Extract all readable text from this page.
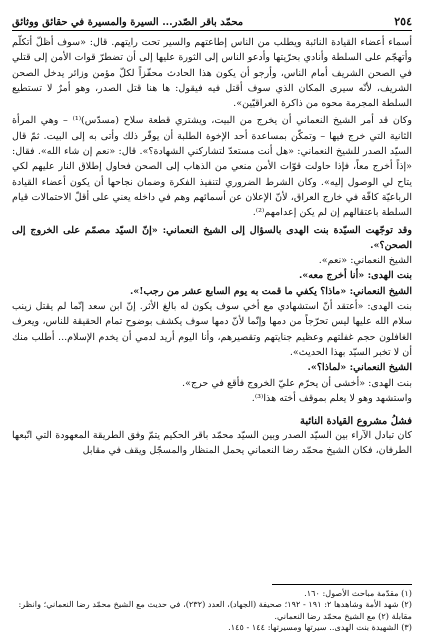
٢٥٤
محمّد باقر الصّدر... السيرة والمسيرة في حقائق ووثائق

أسماء أعضاء القيادة النائبة ويطلب من الناس إطاعتهم والسير تحت رايتهم. قال: «سوف أظلّ أتكلّم وأتهجّم على السلطة وأنادي بحرّيتها وأدعو الناس إلى الثورة عليها إلى أن تضطرّ قوات الأمن إلى قتلي في الصحن الشريف أمام الناس، وأرجو أن يكون هذا الحادث محفّزاً لكلّ مؤمن وزائر يدخل الصحن الشريف، لأنّه سيرى المكان الذي سوف أقتل فيه فيقول: ها هنا قتل الصدر، وهو أمرٌ لا تستطيع السلطة المجرمة محوه من ذاكرة العراقيّين».

وكان قد أمر الشيخ النعماني أن يخرج من البيت، ويشتري قطعة سلاح (مسدّس)⁽¹⁾ – وهي المرأة الثانية التي خرج فيها – وتمكّن بمساعدة أحد الإخوة الطلبة أن يوفّر ذلك وأتى به إلى البيت. ثمّ قال السيّد الصدر للشيخ النعماني: «هل أنت مستعدّ لتشاركني الشهادة؟». قال: «نعم إن شاء الله». فقال: «إذاً أخرج معاً، فإذا حاولت قوّات الأمن منعي من الذهاب إلى الصحن فحاول إطلاق النار عليهم لكي يتاح لي الوصول إليه». وكان الشرط الضروري لتنفيذ الفكرة وضمان نجاحها أن يكون أعضاء القيادة الرباعيّة كافّة في خارج العراق، لأنّ الإعلان عن أسمائهم وهم في داخله يعني على أقلّ الاحتمالات قيام السلطة باعتقالهم إن لم يكن إعدامهم⁽²⁾.

وقد توجّهت السيّدة بنت الهدى بالسؤال إلى الشيخ النعماني: «إنّ السيّد مصمّم على الخروج إلى الصحن؟».

الشيخ النعماني: «نعم».

بنت الهدى: «أنا أخرج معه».

الشيخ النعماني: «ماذا؟ يكفي ما قمت به يوم السابع عشر من رجب!».

بنت الهدى: «أعتقد أنّ استشهادي مع أخي سوف يكون له بالغ الأثر. إنّ ابن سعد إنّما لم يقتل زينب سلام الله عليها ليس تحرّجاً من دمها وإنّما لأنّ دمها سوف يكشف بوضوح تمام الحقيقة للناس، ويعرف الغافلون حجم غفلتهم وعظيم جنايتهم وتقصيرهم، وأنا اليوم أريد لدمي أن يخدم الإسلام... أطلب منك أن لا تخبر السيّد بهذا الحديث».

الشيخ النعماني: «لماذا؟».

بنت الهدى: «أخشى أن يحرّم عليّ الخروج فأقع في حرج».

واستشهد وهو لا يعلم بموقف أخته هذا⁽³⁾.

فشلُ مشروع القيادة النائبة

كان تبادل الآراء بين السيّد الصدر وبين السيّد محمّد باقر الحكيم يتمّ وفق الطريقة المعهودة التي اتّبعها الطرفان، فكان الشيخ محمّد رضا النعماني يحمل المنظار والمسجّل ويقف في مقابل

(١) مقدّمة مباحث الأصول: ١٦٠.

(٢) شهد الأمة وشاهدها ٢: ١٩١ - ١٩٢؛ صحيفة (الجهاد)، العدد (٢٣٢)، في حديث مع الشيخ محمّد رضا النعماني؛ وانظر: مقابلة (٢) مع الشيخ محمّد رضا النعماني.

(٣) الشهيدة بنت الهدى.. سيرتها ومسيرتها: ١٤٤ - ١٤٥.
